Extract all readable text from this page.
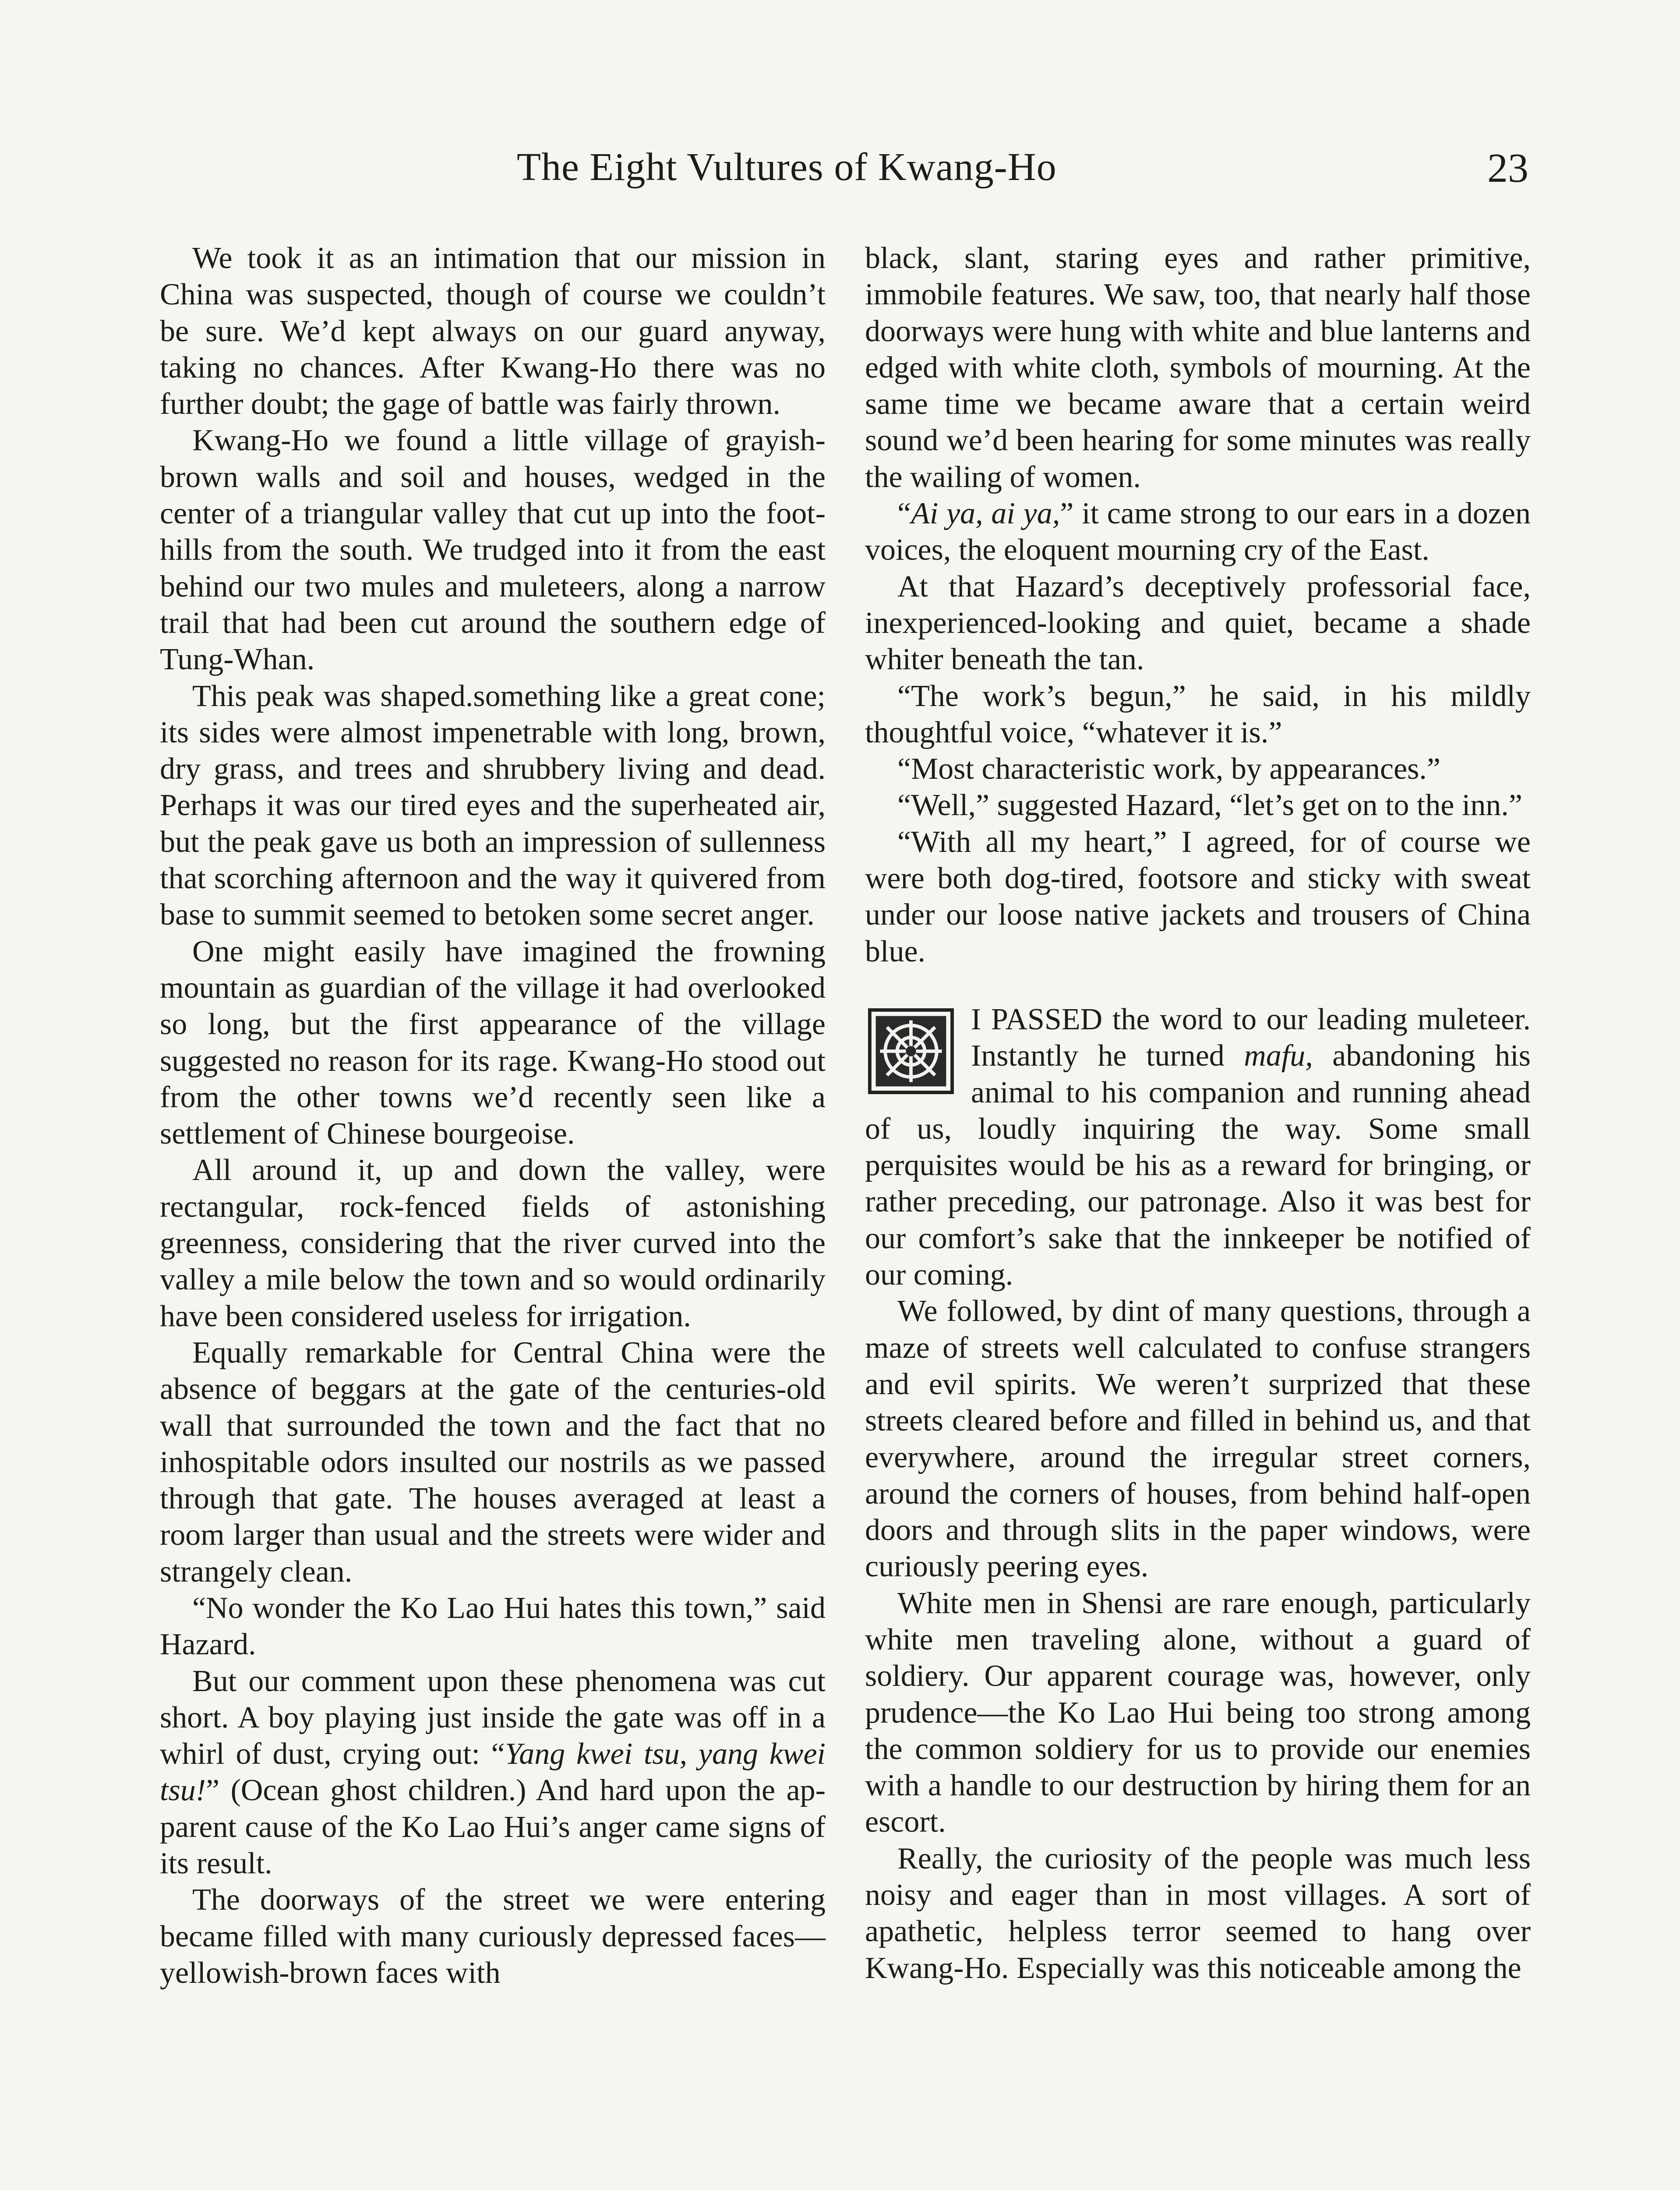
The Eight Vultures of Kwang-Ho	23

We took it as an intimation that our mission in China was suspected, though of course we couldn’t be sure. We’d kept always on our guard anyway, taking no chances. After Kwang-Ho there was no further doubt; the gage of battle was fairly thrown.

Kwang-Ho we found a little village of grayish-brown walls and soil and houses, wedged in the center of a triangular valley that cut up into the foot-hills from the south. We trudged into it from the east behind our two mules and muleteers, along a narrow trail that had been cut around the southern edge of Tung-Whan.

This peak was shaped.something like a great cone; its sides were almost impenetrable with long, brown, dry grass, and trees and shrubbery living and dead. Perhaps it was our tired eyes and the superheated air, but the peak gave us both an impression of sullenness that scorching afternoon and the way it quivered from base to summit seemed to betoken some secret anger.

One might easily have imagined the frowning mountain as guardian of the village it had overlooked so long, but the first appearance of the village suggested no reason for its rage. Kwang-Ho stood out from the other towns we’d recently seen like a settlement of Chinese bourgeoise.

All around it, up and down the valley, were rectangular, rock-fenced fields of astonishing greenness, considering that the river curved into the valley a mile below the town and so would ordinarily have been considered useless for irrigation.

Equally remarkable for Central China were the absence of beggars at the gate of the centuries-old wall that surrounded the town and the fact that no inhospitable odors insulted our nostrils as we passed through that gate. The houses averaged at least a room larger than usual and the streets were wider and strangely clean.

“No wonder the Ko Lao Hui hates this town,” said Hazard.

But our comment upon these phenomena was cut short. A boy playing just inside the gate was off in a whirl of dust, crying out: “Yang kwei tsu, yang kwei tsu!” (Ocean ghost children.) And hard upon the apparent cause of the Ko Lao Hui’s anger came signs of its result.

The doorways of the street we were entering became filled with many curiously depressed faces—yellowish-brown faces with

black, slant, staring eyes and rather primitive, immobile features. We saw, too, that nearly half those doorways were hung with white and blue lanterns and edged with white cloth, symbols of mourning. At the same time we became aware that a certain weird sound we’d been hearing for some minutes was really the wailing of women.

“Ai ya, ai ya,” it came strong to our ears in a dozen voices, the eloquent mourning cry of the East.

At that Hazard’s deceptively professorial face, inexperienced-looking and quiet, became a shade whiter beneath the tan.

“The work’s begun,” he said, in his mildly thoughtful voice, “whatever it is.”

“Most characteristic work, by appearances.”

“Well,” suggested Hazard, “let’s get on to the inn.”

“With all my heart,” I agreed, for of course we were both dog-tired, footsore and sticky with sweat under our loose native jackets and trousers of China blue.

I PASSED the word to our leading muleteer. Instantly he turned mafu, abandoning his animal to his companion and running ahead of us, loudly inquiring the way. Some small perquisites would be his as a reward for bringing, or rather preceding, our patronage. Also it was best for our comfort’s sake that the innkeeper be notified of our coming.

We followed, by dint of many questions, through a maze of streets well calculated to confuse strangers and evil spirits. We weren’t surprized that these streets cleared before and filled in behind us, and that everywhere, around the irregular street corners, around the corners of houses, from behind half-open doors and through slits in the paper windows, were curiously peering eyes.

White men in Shensi are rare enough, particularly white men traveling alone, without a guard of soldiery. Our apparent courage was, however, only prudence—the Ko Lao Hui being too strong among the common soldiery for us to provide our enemies with a handle to our destruction by hiring them for an escort.

Really, the curiosity of the people was much less noisy and eager than in most villages. A sort of apathetic, helpless terror seemed to hang over Kwang-Ho. Especially was this noticeable among the
